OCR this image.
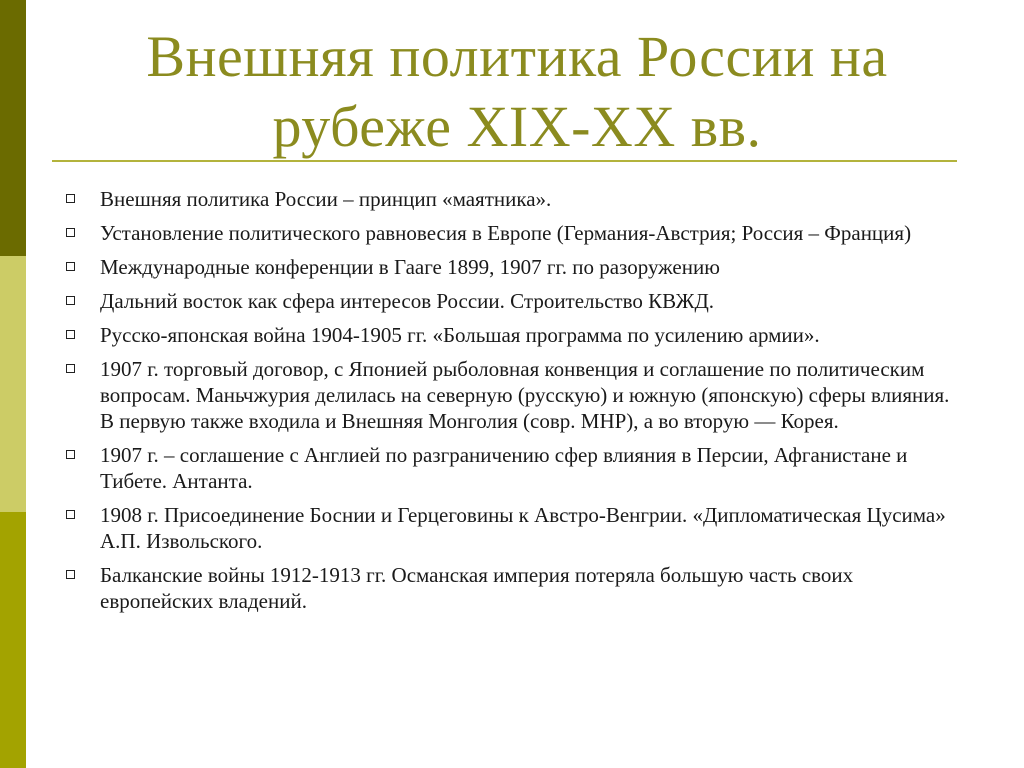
Внешняя политика России на
рубеже XIX-XX вв.
Внешняя политика России – принцип «маятника».
Установление политического равновесия в Европе (Германия-Австрия; Россия – Франция)
Международные конференции в Гааге 1899, 1907 гг. по разоружению
Дальний восток как сфера интересов России. Строительство КВЖД.
Русско-японская война 1904-1905 гг. «Большая программа по усилению армии».
1907 г. торговый договор, с Японией рыболовная конвенция и соглашение по политическим вопросам. Маньчжурия делилась на северную (русскую) и южную (японскую) сферы влияния. В первую также входила и Внешняя Монголия (совр. МНР), а во вторую — Корея.
1907 г. – соглашение с Англией по разграничению сфер влияния в Персии, Афганистане и Тибете. Антанта.
1908 г. Присоединение Боснии и Герцеговины к Австро-Венгрии. «Дипломатическая Цусима» А.П. Извольского.
Балканские войны 1912-1913 гг. Османская империя потеряла большую часть своих европейских владений.
